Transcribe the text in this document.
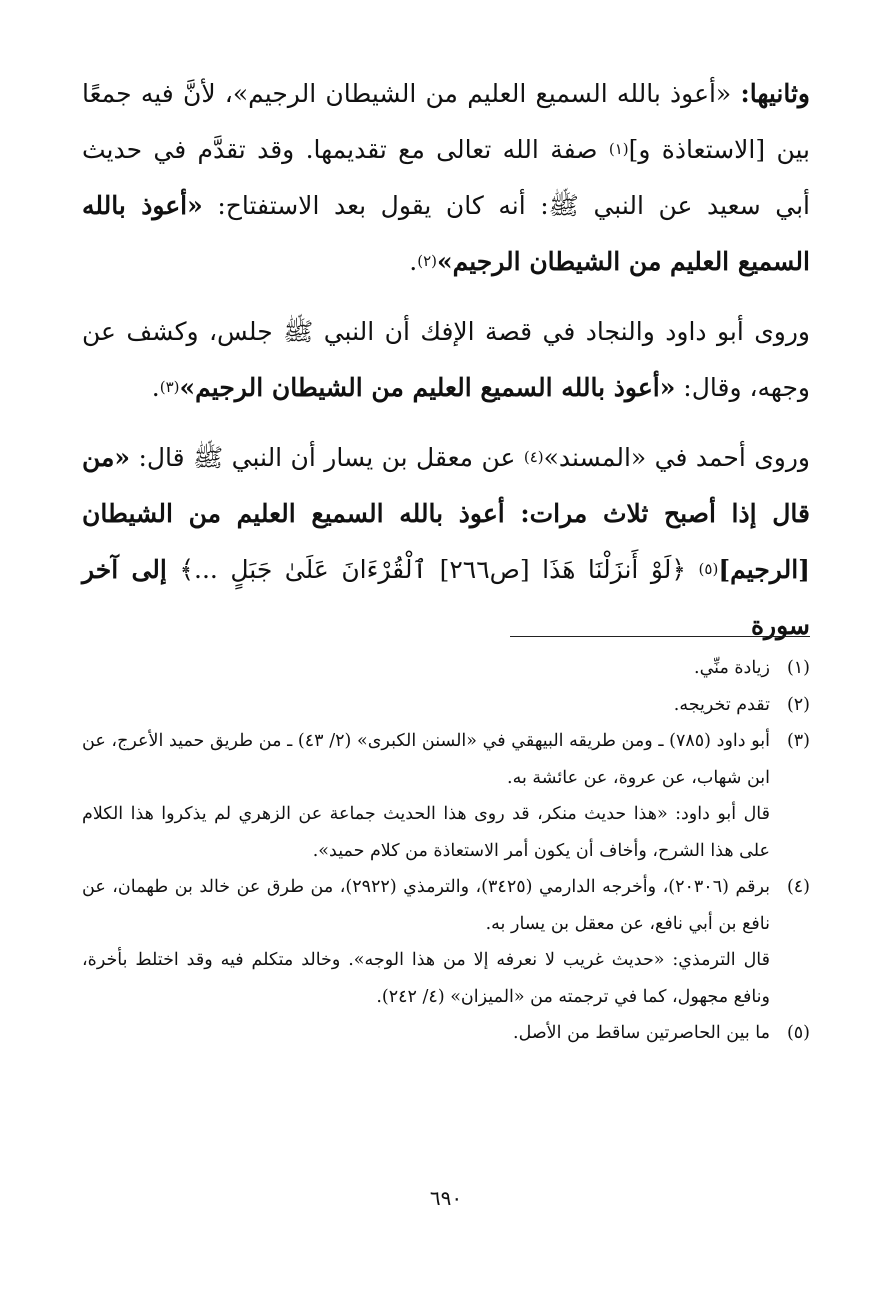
وثانيها: «أعوذ بالله السميع العليم من الشيطان الرجيم»، لأنَّ فيه جمعًا بين [الاستعاذة و]$^{(١)}$ صفة الله تعالى مع تقديمها. وقد تقدَّم في حديث أبي سعيد عن النبي ﷺ: أنه كان يقول بعد الاستفتاح: «أعوذ بالله السميع العليم من الشيطان الرجيم»$^{(٢)}$.

وروى أبو داود والنجاد في قصة الإفك أن النبي ﷺ جلس، وكشف عن وجهه، وقال: «أعوذ بالله السميع العليم من الشيطان الرجيم»$^{(٣)}$.

وروى أحمد في «المسند»$^{(٤)}$ عن معقل بن يسار أن النبي ﷺ قال: «من قال إذا أصبح ثلاث مرات: أعوذ بالله السميع العليم من الشيطان [الرجيم]$^{(٥)}$ ﴿لَوْ أَنزَلْنَا هَذَا [ص٢٦٦] ٱلْقُرْءَانَ عَلَىٰ جَبَلٍ ...﴾ إلى آخر سورة

(١)

زيادة منِّي.

(٢)

تقدم تخريجه.

(٣)

أبو داود (٧٨٥) ـ ومن طريقه البيهقي في «السنن الكبرى» (٢/ ٤٣) ـ من طريق حميد الأعرج، عن ابن شهاب، عن عروة، عن عائشة به.

قال أبو داود: «هذا حديث منكر، قد روى هذا الحديث جماعة عن الزهري لم يذكروا هذا الكلام على هذا الشرح، وأخاف أن يكون أمر الاستعاذة من كلام حميد».

(٤)

برقم (٢٠٣٠٦)، وأخرجه الدارمي (٣٤٢٥)، والترمذي (٢٩٢٢)، من طرق عن خالد بن طهمان، عن نافع بن أبي نافع، عن معقل بن يسار به.

قال الترمذي: «حديث غريب لا نعرفه إلا من هذا الوجه». وخالد متكلم فيه وقد اختلط بأخرة، ونافع مجهول، كما في ترجمته من «الميزان» (٤/ ٢٤٢).

(٥)

ما بين الحاصرتين ساقط من الأصل.

٦٩٠
